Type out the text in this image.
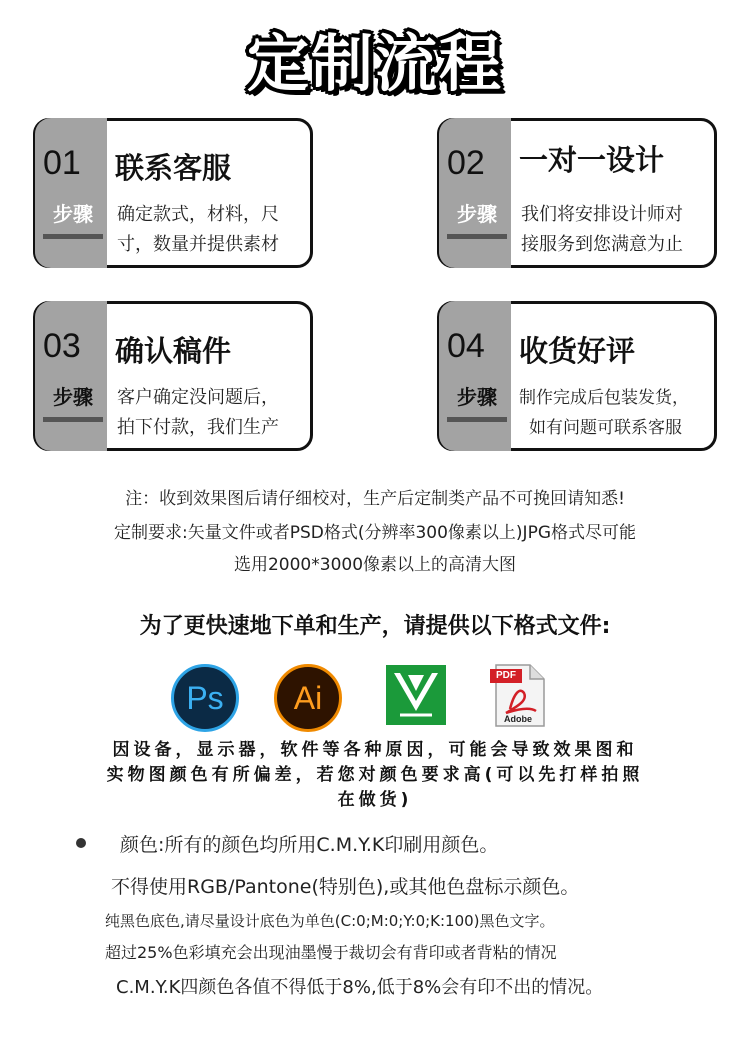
定制流程
01
步骤
联系客服
确定款式，材料，尺
寸，数量并提供素材
02
步骤
一对一设计
我们将安排设计师对
接服务到您满意为止
03
步骤
确认稿件
客户确定没问题后，
拍下付款，我们生产
04
步骤
收货好评
制作完成后包装发货，
如有问题可联系客服
注：收到效果图后请仔细校对，生产后定制类产品不可挽回请知悉!
定制要求:矢量文件或者PSD格式(分辨率300像素以上)JPG格式尽可能
选用2000*3000像素以上的高清大图
为了更快速地下单和生产，请提供以下格式文件:
Ps Ai
PDF
Adobe
因设备，显示器，软件等各种原因，可能会导致效果图和
实物图颜色有所偏差，若您对颜色要求高(可以先打样拍照
在做货)
颜色:所有的颜色均所用C.M.Y.K印刷用颜色。
不得使用RGB/Pantone(特别色),或其他色盘标示颜色。
纯黑色底色,请尽量设计底色为单色(C:0;M:0;Y:0;K:100)黑色文字。
超过25%色彩填充会出现油墨慢于裁切会有背印或者背粘的情况
C.M.Y.K四颜色各值不得低于8%,低于8%会有印不出的情况。
